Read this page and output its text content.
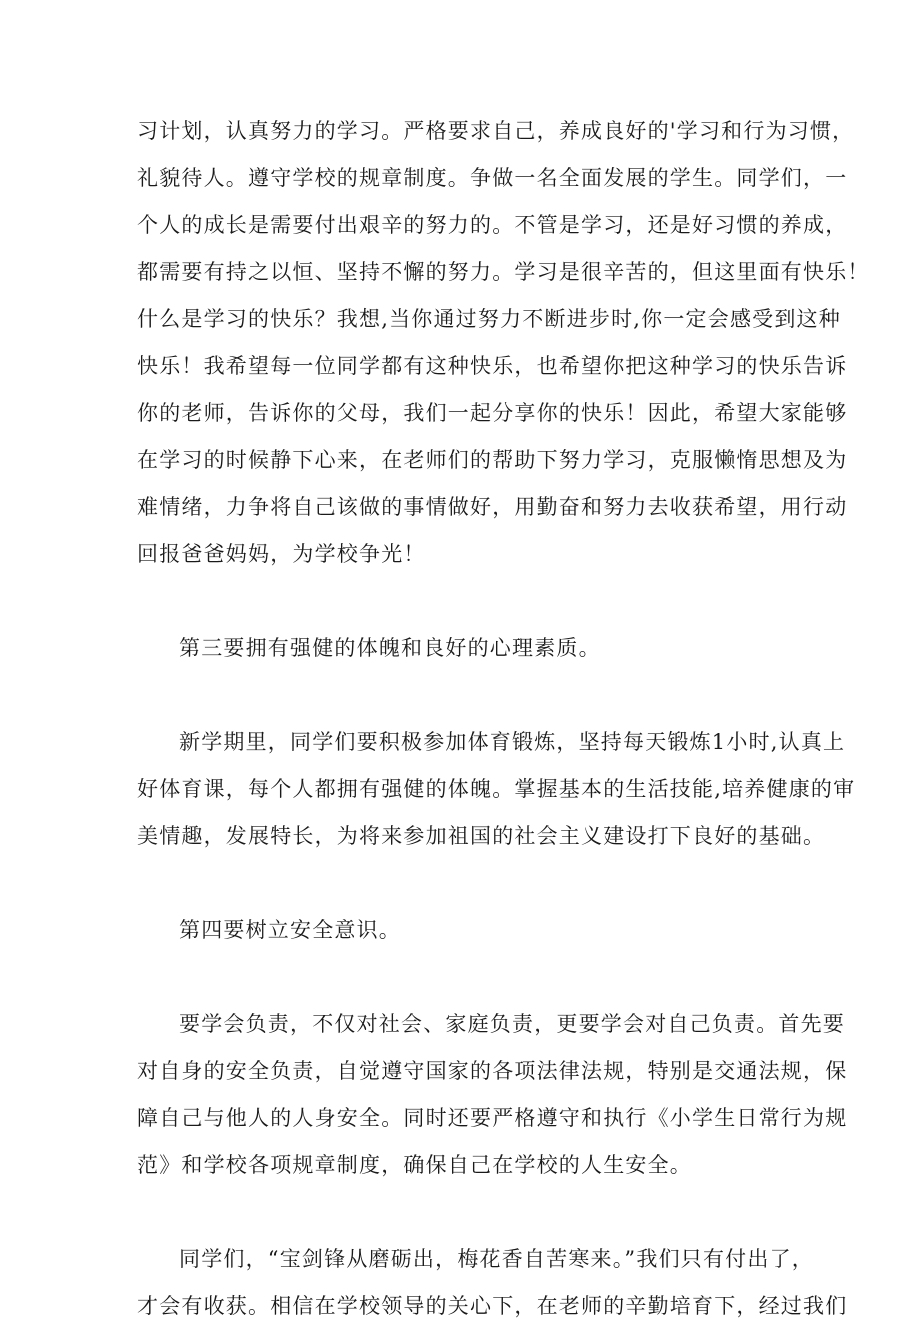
习计划，认真努力的学习。严格要求自己，养成良好的'学习和行为习惯，
礼貌待人。遵守学校的规章制度。争做一名全面发展的学生。同学们，一
个人的成长是需要付出艰辛的努力的。不管是学习，还是好习惯的养成，
都需要有持之以恒、坚持不懈的努力。学习是很辛苦的，但这里面有快乐！
什么是学习的快乐？我想,当你通过努力不断进步时,你一定会感受到这种
快乐！我希望每一位同学都有这种快乐，也希望你把这种学习的快乐告诉
你的老师，告诉你的父母，我们一起分享你的快乐！因此，希望大家能够
在学习的时候静下心来，在老师们的帮助下努力学习，克服懒惰思想及为
难情绪，力争将自己该做的事情做好，用勤奋和努力去收获希望，用行动
回报爸爸妈妈，为学校争光！
第三要拥有强健的体魄和良好的心理素质。
新学期里，同学们要积极参加体育锻炼，坚持每天锻炼1小时,认真上
好体育课，每个人都拥有强健的体魄。掌握基本的生活技能,培养健康的审
美情趣，发展特长，为将来参加祖国的社会主义建设打下良好的基础。
第四要树立安全意识。
要学会负责，不仅对社会、家庭负责，更要学会对自己负责。首先要
对自身的安全负责，自觉遵守国家的各项法律法规，特别是交通法规，保
障自己与他人的人身安全。同时还要严格遵守和执行《小学生日常行为规
范》和学校各项规章制度，确保自己在学校的人生安全。
同学们，“宝剑锋从磨砺出，梅花香自苦寒来。”我们只有付出了，
才会有收获。相信在学校领导的关心下，在老师的辛勤培育下，经过我们
